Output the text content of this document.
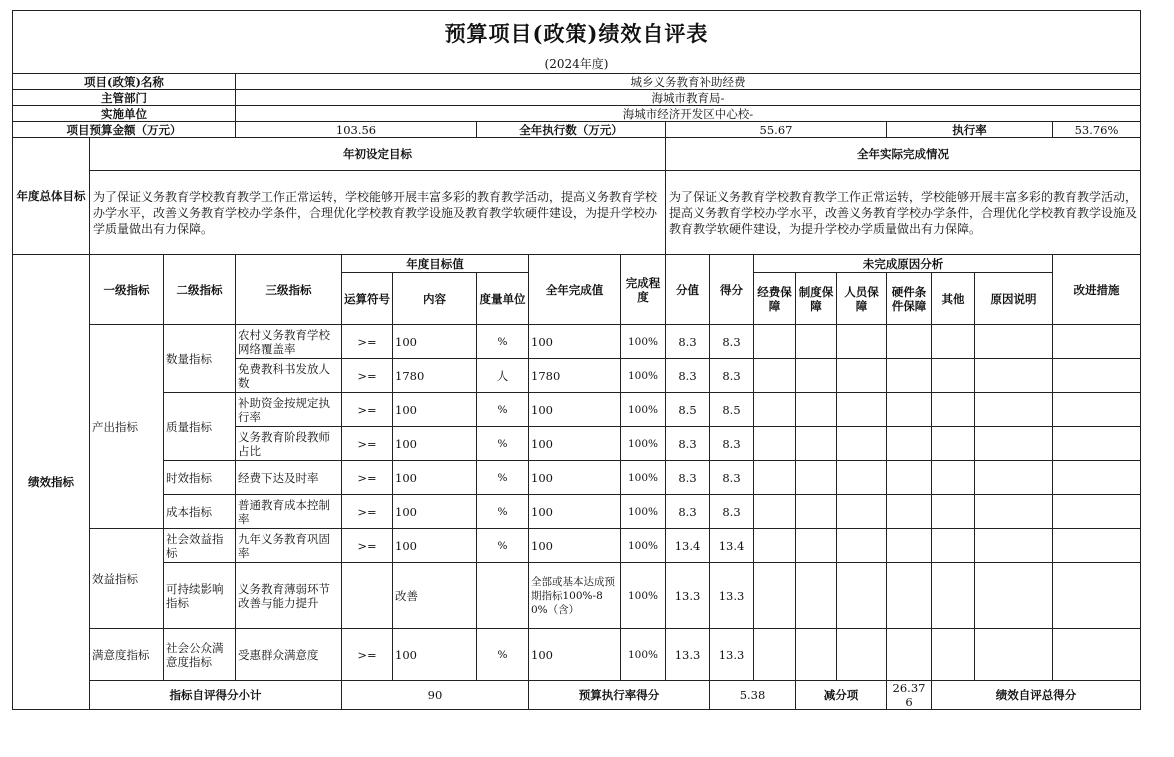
预算项目(政策)绩效自评表																		
(2024年度)																		
项目(政策)名称			城乡义务教育补助经费															
主管部门			海城市教育局-															
实施单位			海城市经济开发区中心校-															
项目预算金额（万元）			103.56			全年执行数（万元）			55.67					执行率			53.76%	
年度总体目标	年初设定目标								全年实际完成情况									
	为了保证义务教育学校教育教学工作正常运转，学校能够开展丰富多彩的教育教学活动，提高义务教育学校办学水平，改善义务教育学校办学条件，合理优化学校教育教学设施及教育教学软硬件建设，为提升学校办学质量做出有力保障。								为了保证义务教育学校教育教学工作正常运转，学校能够开展丰富多彩的教育教学活动，提高义务教育学校办学水平，改善义务教育学校办学条件，合理优化学校教育教学设施及教育教学软硬件建设，为提升学校办学质量做出有力保障。									
绩效指标	一级指标	二级指标	三级指标	年度目标值			全年完成值	完成程度	分值	得分	未完成原因分析						改进措施	
				运算符号	内容	度量单位					经费保障	制度保障	人员保障	硬件条件保障	其他	原因说明		
	产出指标	数量指标	农村义务教育学校网络覆盖率	>=	100	%	100	100%	8.3	8.3								
			免费教科书发放人数	>=	1780	人	1780	100%	8.3	8.3								
		质量指标	补助资金按规定执行率	>=	100	%	100	100%	8.5	8.5								
			义务教育阶段教师占比	>=	100	%	100	100%	8.3	8.3								
		时效指标	经费下达及时率	>=	100	%	100	100%	8.3	8.3								
		成本指标	普通教育成本控制率	>=	100	%	100	100%	8.3	8.3								
	效益指标	社会效益指标	九年义务教育巩固率	>=	100	%	100	100%	13.4	13.4								
		可持续影响指标	义务教育薄弱环节改善与能力提升		改善		全部或基本达成预期指标100%-80%（含）	100%	13.3	13.3								
	满意度指标	社会公众满意度指标	受惠群众满意度	>=	100	%	100	100%	13.3	13.3								
	指标自评得分小计			90			预算执行率得分			5.38		减分项		26.376	绩效自评总得分	
